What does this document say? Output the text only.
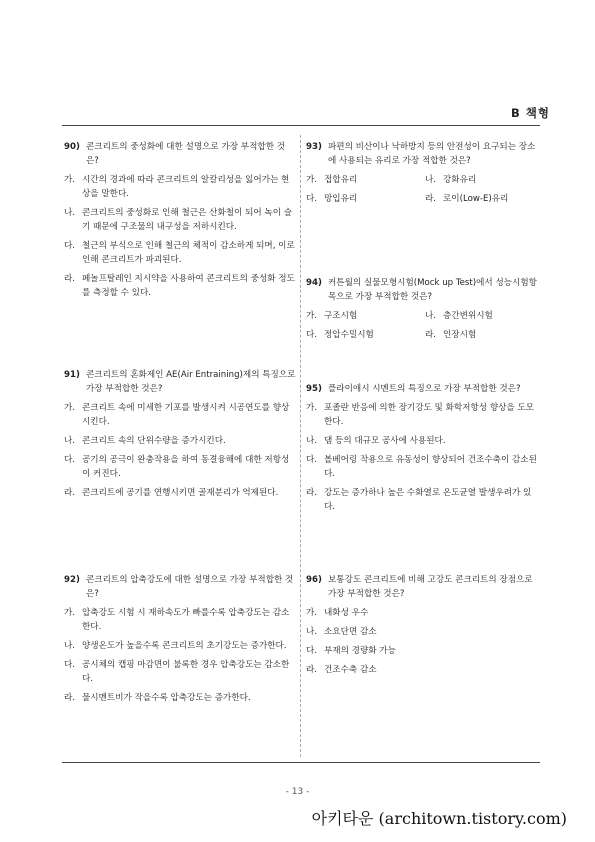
B 책형
90) 콘크리트의 중성화에 대한 설명으로 가장 부적합한 것은?
가. 시간의 경과에 따라 콘크리트의 알칼리성을 잃어가는 현상을 말한다.
나. 콘크리트의 중성화로 인해 철근은 산화철이 되어 녹이 슬기 때문에 구조물의 내구성을 저하시킨다.
다. 철근의 부식으로 인해 철근의 체적이 감소하게 되며, 이로 인해 콘크리트가 파괴된다.
라. 페놀프탈레인 지시약을 사용하여 콘크리트의 중성화 정도를 측정할 수 있다.
91) 콘크리트의 혼화제인 AE(Air Entraining)제의 특징으로 가장 부적합한 것은?
가. 콘크리트 속에 미세한 기포를 발생시켜 시공연도를 향상시킨다.
나. 콘크리트 속의 단위수량을 증가시킨다.
다. 공기의 공극이 완충작용을 하여 동결융해에 대한 저항성이 커진다.
라. 콘크리트에 공기를 연행시키면 골재분리가 억제된다.
92) 콘크리트의 압축강도에 대한 설명으로 가장 부적합한 것은?
가. 압축강도 시험 시 재하속도가 빠를수록 압축강도는 감소한다.
나. 양생온도가 높을수록 콘크리트의 초기강도는 증가한다.
다. 공시체의 캡핑 마감면이 불록한 경우 압축강도는 감소한다.
라. 물시멘트비가 작을수록 압축강도는 증가한다.
93) 파편의 비산이나 낙하방지 등의 안전성이 요구되는 장소에 사용되는 유리로 가장 적합한 것은?
가. 접합유리	나. 강화유리
다. 망입유리	라. 로이(Low-E)유리
94) 커튼월의 실물모형시험(Mock up Test)에서 성능시험항목으로 가장 부적합한 것은?
가. 구조시험	나. 층간변위시험
다. 정압수밀시험	라. 인장시험
95) 플라이애시 시멘트의 특징으로 가장 부적합한 것은?
가. 포졸란 반응에 의한 장기강도 및 화학저항성 향상을 도모한다.
나. 댐 등의 대규모 공사에 사용된다.
다. 볼베어링 작용으로 유동성이 향상되어 건조수축이 감소된다.
라. 강도는 증가하나 높은 수화열로 온도균열 발생우려가 있다.
96) 보통강도 콘크리트에 비해 고강도 콘크리트의 장점으로 가장 부적합한 것은?
가. 내화성 우수
나. 소요단면 감소
다. 부재의 경량화 가능
라. 건조수축 감소
- 13 -
아키타운 (architown.tistory.com)
